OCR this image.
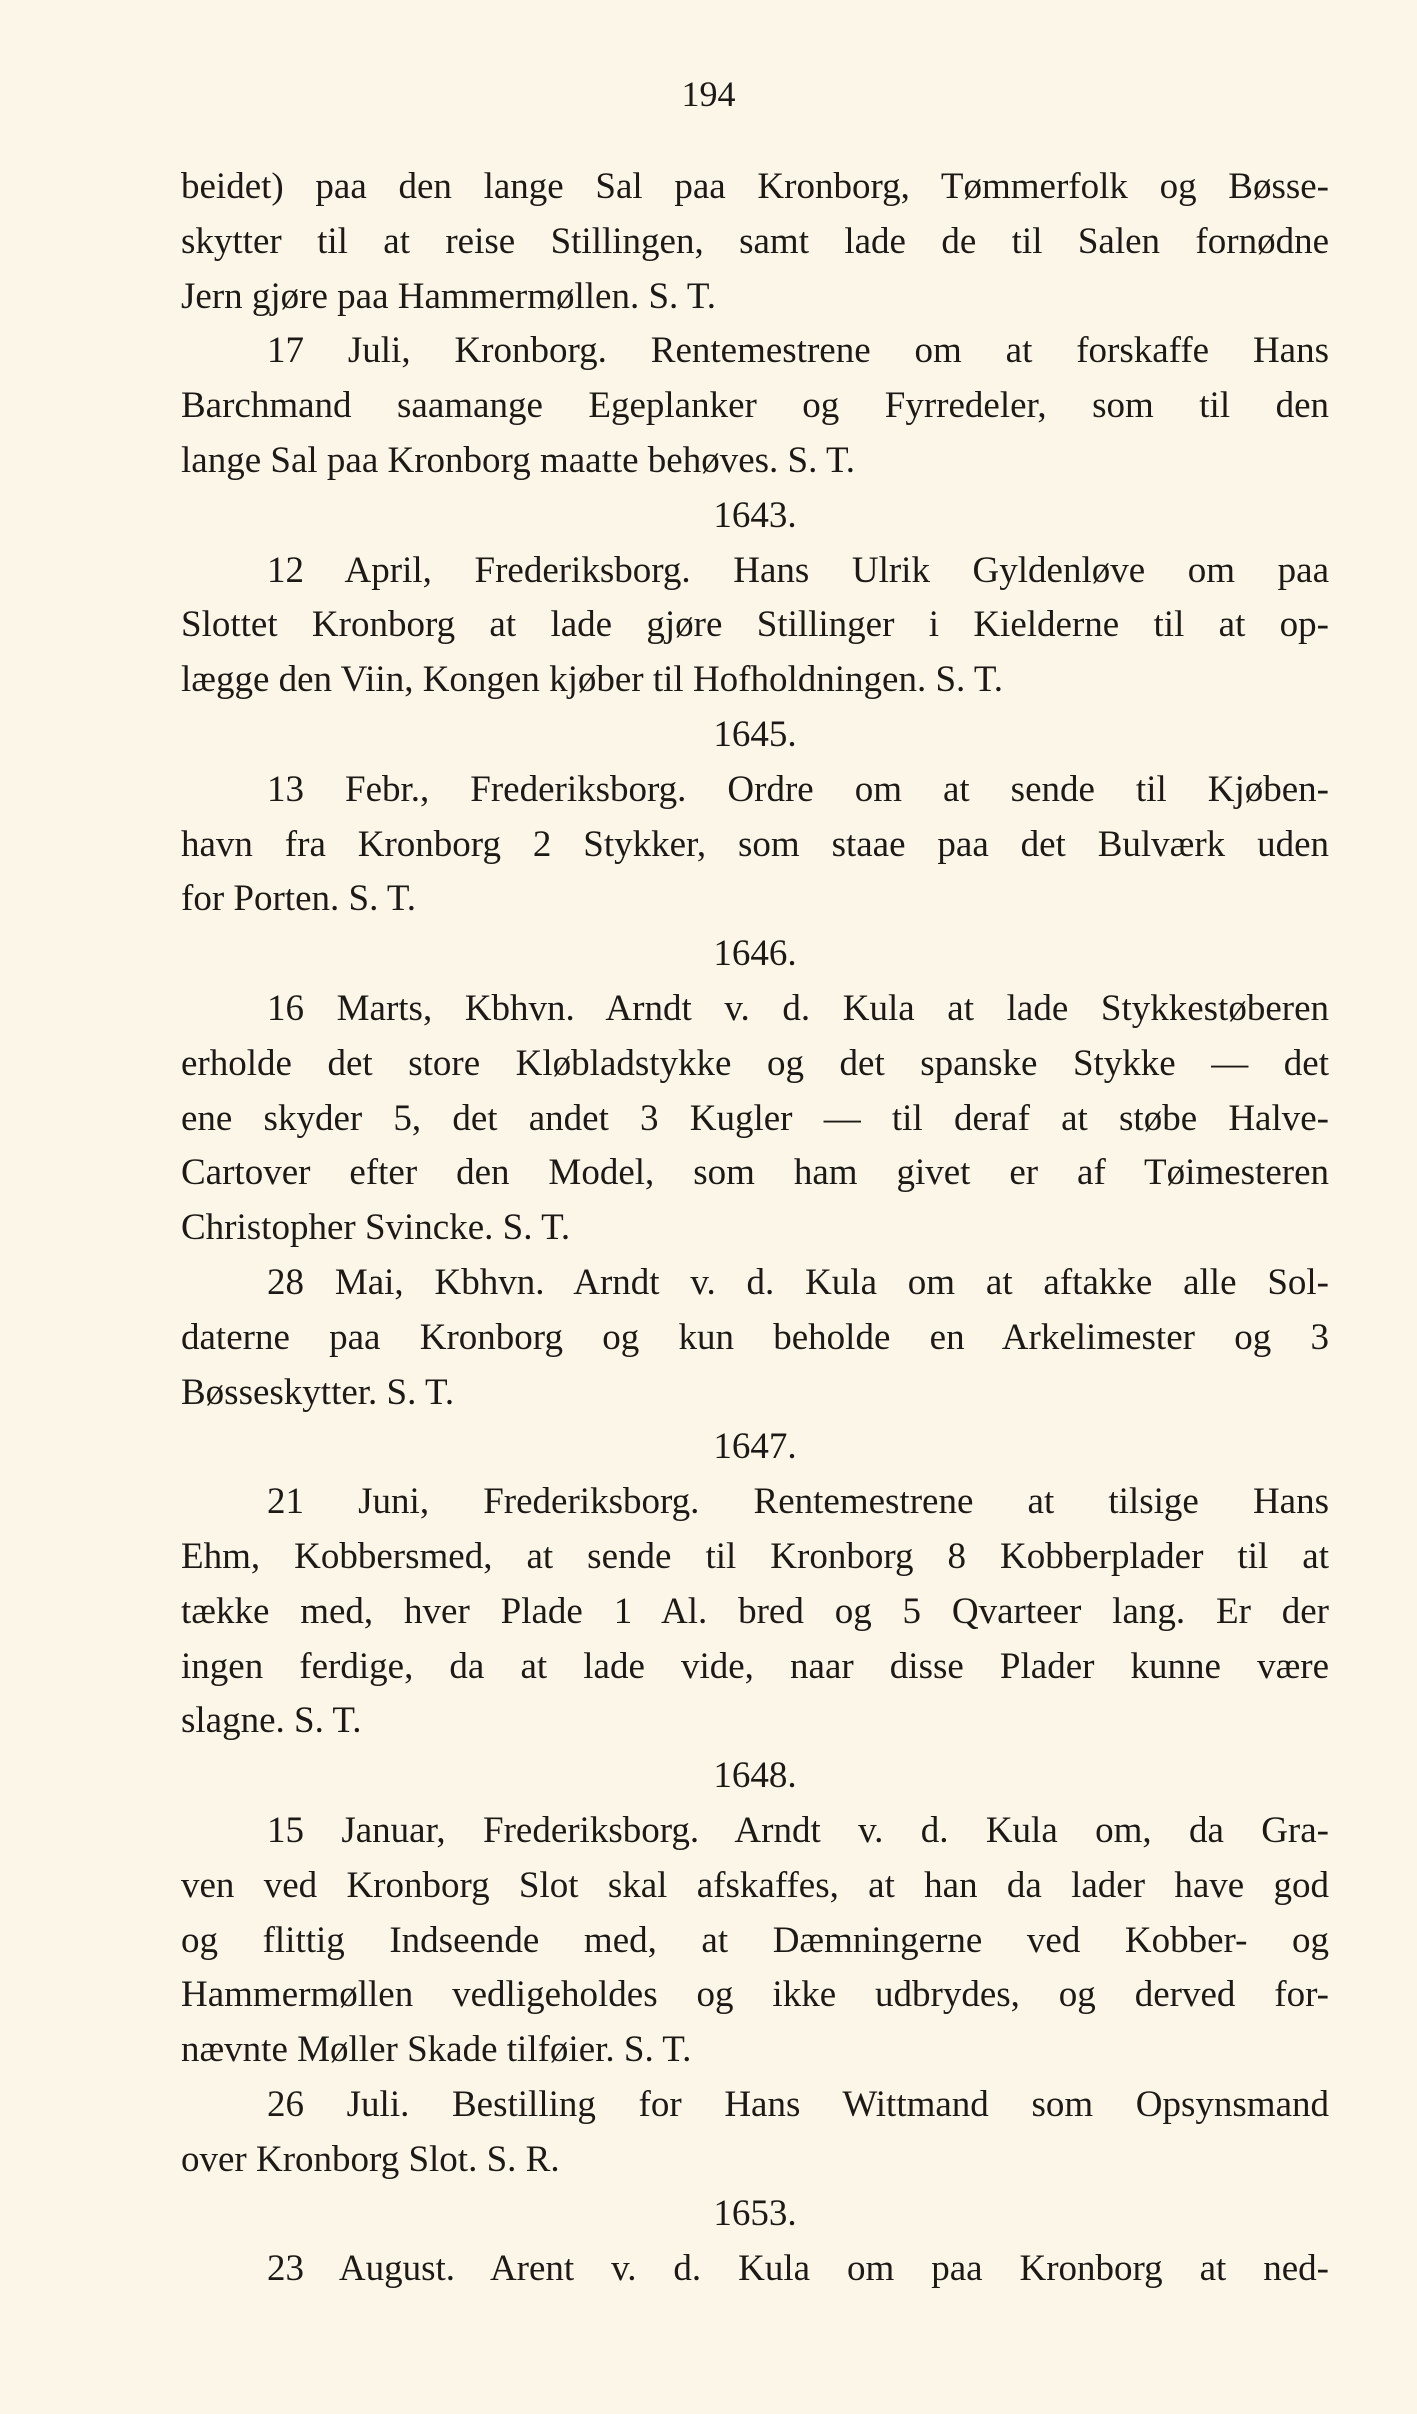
194
beidet) paa den lange Sal paa Kronborg, Tømmerfolk og Bøsse-
skytter til at reise Stillingen, samt lade de til Salen fornødne
Jern gjøre paa Hammermøllen. S. T.
17 Juli, Kronborg. Rentemestrene om at forskaffe Hans
Barchmand saamange Egeplanker og Fyrredeler, som til den
lange Sal paa Kronborg maatte behøves. S. T.
1643.
12 April, Frederiksborg. Hans Ulrik Gyldenløve om paa
Slottet Kronborg at lade gjøre Stillinger i Kielderne til at op-
lægge den Viin, Kongen kjøber til Hofholdningen. S. T.
1645.
13 Febr., Frederiksborg. Ordre om at sende til Kjøben-
havn fra Kronborg 2 Stykker, som staae paa det Bulværk uden
for Porten. S. T.
1646.
16 Marts, Kbhvn. Arndt v. d. Kula at lade Stykkestøberen
erholde det store Kløbladstykke og det spanske Stykke — det
ene skyder 5, det andet 3 Kugler — til deraf at støbe Halve-
Cartover efter den Model, som ham givet er af Tøimesteren
Christopher Svincke. S. T.
28 Mai, Kbhvn. Arndt v. d. Kula om at aftakke alle Sol-
daterne paa Kronborg og kun beholde en Arkelimester og 3
Bøsseskytter. S. T.
1647.
21 Juni, Frederiksborg. Rentemestrene at tilsige Hans
Ehm, Kobbersmed, at sende til Kronborg 8 Kobberplader til at
tække med, hver Plade 1 Al. bred og 5 Qvarteer lang. Er der
ingen ferdige, da at lade vide, naar disse Plader kunne være
slagne. S. T.
1648.
15 Januar, Frederiksborg. Arndt v. d. Kula om, da Gra-
ven ved Kronborg Slot skal afskaffes, at han da lader have god
og flittig Indseende med, at Dæmningerne ved Kobber- og
Hammermøllen vedligeholdes og ikke udbrydes, og derved for-
nævnte Møller Skade tilføier. S. T.
26 Juli. Bestilling for Hans Wittmand som Opsynsmand
over Kronborg Slot. S. R.
1653.
23 August. Arent v. d. Kula om paa Kronborg at ned-
